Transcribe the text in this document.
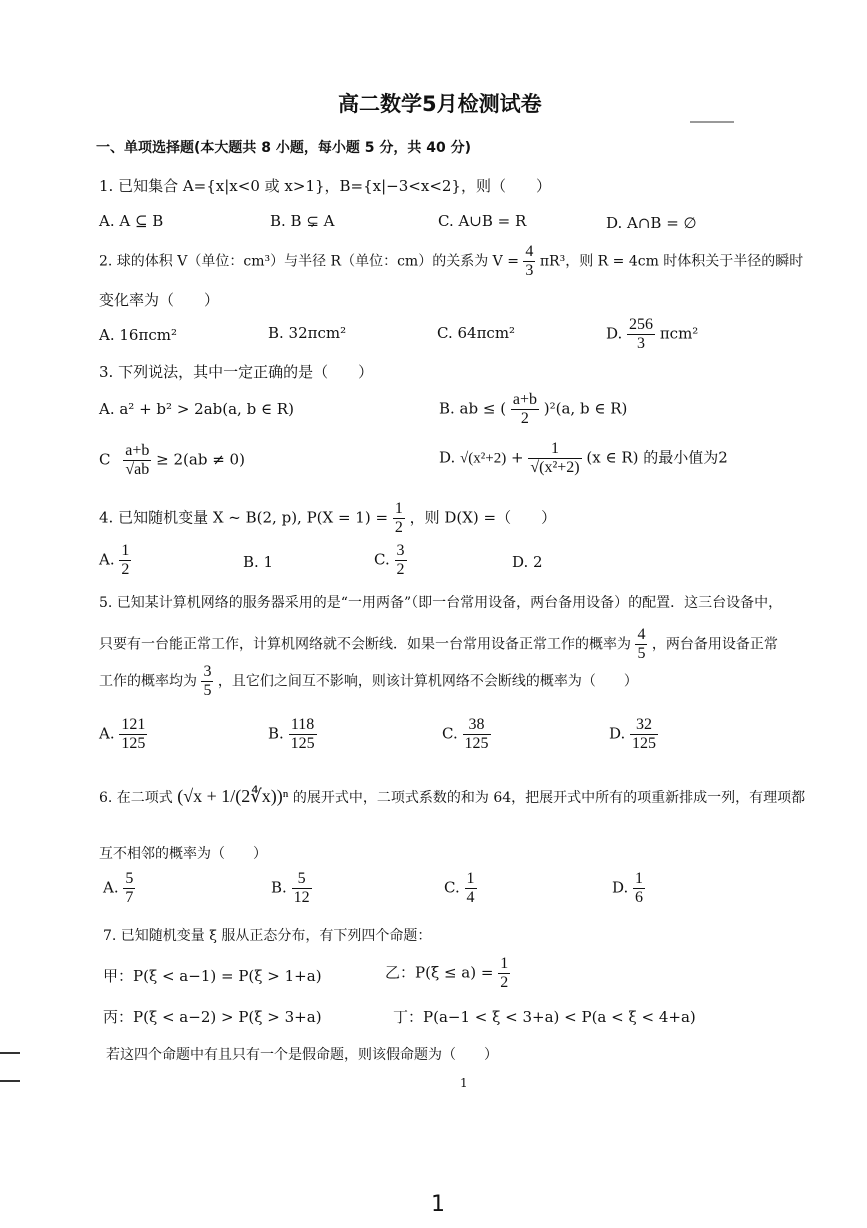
高二数学5月检测试卷
一、单项选择题(本大题共 8 小题，每小题 5 分，共 40 分)
1. 已知集合 A={x|x<0 或 x>1}，B={x|−3<x<2}，则（　　）
A. A ⊆ B	B. B ⊊ A	C. A∪B = R	D. A∩B = ∅
2. 球的体积 V（单位：cm³）与半径 R（单位：cm）的关系为 $V = \frac{4}{3} \pi R^3$，则 R = 4cm 时体积关于半径的瞬时
变化率为（　　）
A. 16πcm²	B. 32πcm²	C. 64πcm²	D. $\frac{256}{3} \pi cm^2$
3. 下列说法，其中一定正确的是（　　）
A. a² + b² > 2ab(a, b ∈ R)	B. ab ≤ ( $\frac{a+b}{2} )^2(a$, b ∈ R)
C $\frac{a+b}{√ab} \ge 2(ab \ne 0)$	D. $√(x^2+2) + \frac{1}{\text{√(x²+2)}} (x$ ∈ R) 的最小值为2
4. 已知随机变量 X ~ B(2, p), $P(X = 1) = \frac{1}{2}$ ，则 D(X) =（　　）
A. $\frac{1}{2}$	B. 1	C. $\frac{3}{2}$	D. 2
5. 已知某计算机网络的服务器采用的是“一用两备”（即一台常用设备，两台备用设备）的配置．这三台设备中，
只要有一台能正常工作，计算机网络就不会断线．如果一台常用设备正常工作的概率为 $\frac{4}{5}$ ，两台备用设备正常
工作的概率均为 $\frac{3}{5}$ ，且它们之间互不影响，则该计算机网络不会断线的概率为（　　）
A. $\frac{121}{125}$	B. $\frac{118}{125}$	C. $\frac{38}{125}$	D. $\frac{32}{125}$
6. 在二项式 (√x + 1/(2∜x))ⁿ 的展开式中，二项式系数的和为 64，把展开式中所有的项重新排成一列，有理项都
互不相邻的概率为（　　）
A. $\frac{5}{7}$	B. $\frac{5}{12}$	C. $\frac{1}{4}$	D. $\frac{1}{6}$
7. 已知随机变量 ξ 服从正态分布，有下列四个命题：
甲：P(ξ < a−1) = P(ξ > 1+a)	乙：$P(\xi \le a) = \frac{1}{2}$
丙：P(ξ < a−2) > P(ξ > 3+a)	丁：P(a−1 < ξ < 3+a) < P(a < ξ < 4+a)
若这四个命题中有且只有一个是假命题，则该假命题为（　　）
1
1
